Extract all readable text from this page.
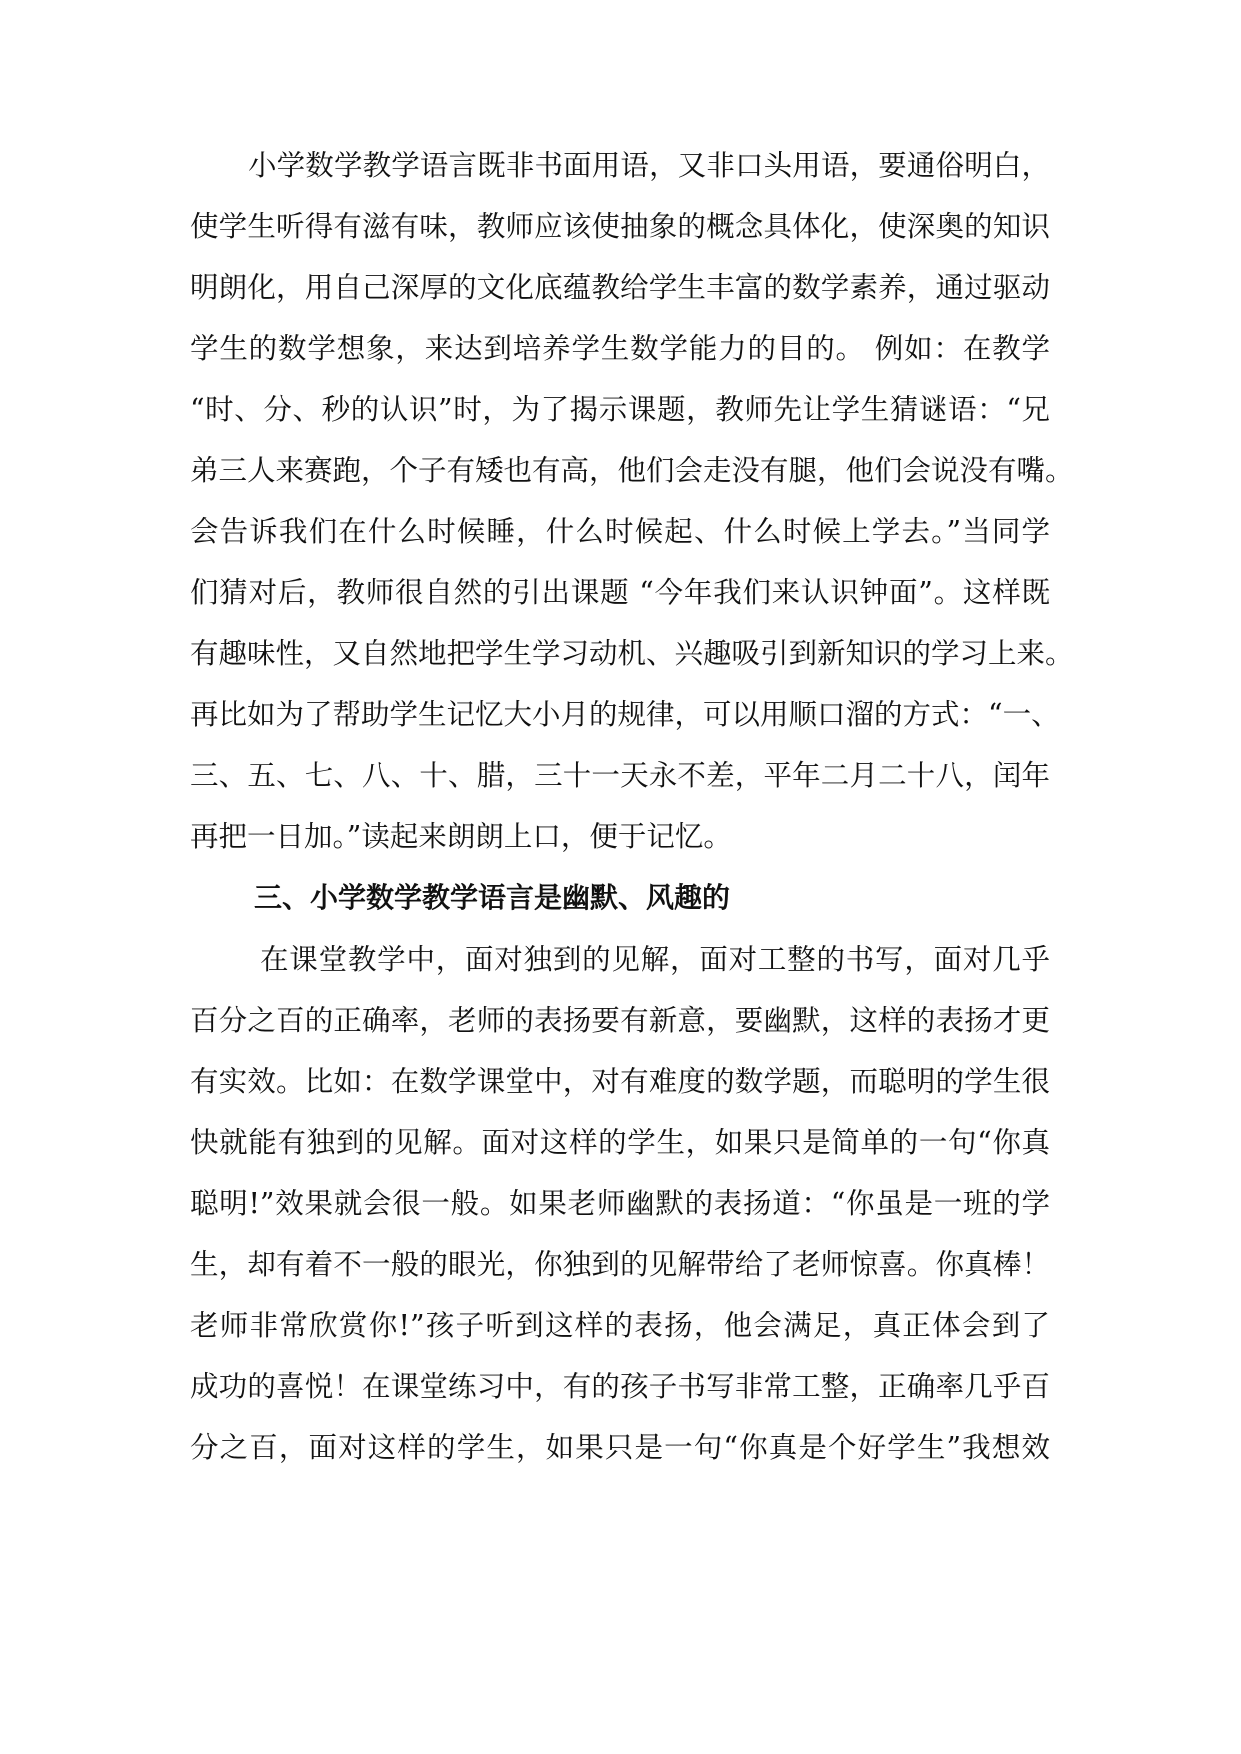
小学数学教学语言既非书面用语，又非口头用语，要通俗明白，
使学生听得有滋有味，教师应该使抽象的概念具体化，使深奥的知识
明朗化，用自己深厚的文化底蕴教给学生丰富的数学素养，通过驱动
学生的数学想象，来达到培养学生数学能力的目的。 例如：在教学
“时、分、秒的认识”时，为了揭示课题，教师先让学生猜谜语：“兄
弟三人来赛跑，个子有矮也有高，他们会走没有腿，他们会说没有嘴。
会告诉我们在什么时候睡，什么时候起、什么时候上学去。”当同学
们猜对后，教师很自然的引出课题 “今年我们来认识钟面”。这样既
有趣味性，又自然地把学生学习动机、兴趣吸引到新知识的学习上来。
再比如为了帮助学生记忆大小月的规律，可以用顺口溜的方式：“一、
三、五、七、八、十、腊，三十一天永不差，平年二月二十八，闰年
再把一日加。”读起来朗朗上口，便于记忆。
三、小学数学教学语言是幽默、风趣的
在课堂教学中，面对独到的见解，面对工整的书写，面对几乎
百分之百的正确率，老师的表扬要有新意，要幽默，这样的表扬才更
有实效。比如：在数学课堂中，对有难度的数学题，而聪明的学生很
快就能有独到的见解。面对这样的学生，如果只是简单的一句“你真
聪明!”效果就会很一般。如果老师幽默的表扬道：“你虽是一班的学
生，却有着不一般的眼光，你独到的见解带给了老师惊喜。你真棒！
老师非常欣赏你!”孩子听到这样的表扬，他会满足，真正体会到了
成功的喜悦！在课堂练习中，有的孩子书写非常工整，正确率几乎百
分之百，面对这样的学生，如果只是一句“你真是个好学生”我想效
